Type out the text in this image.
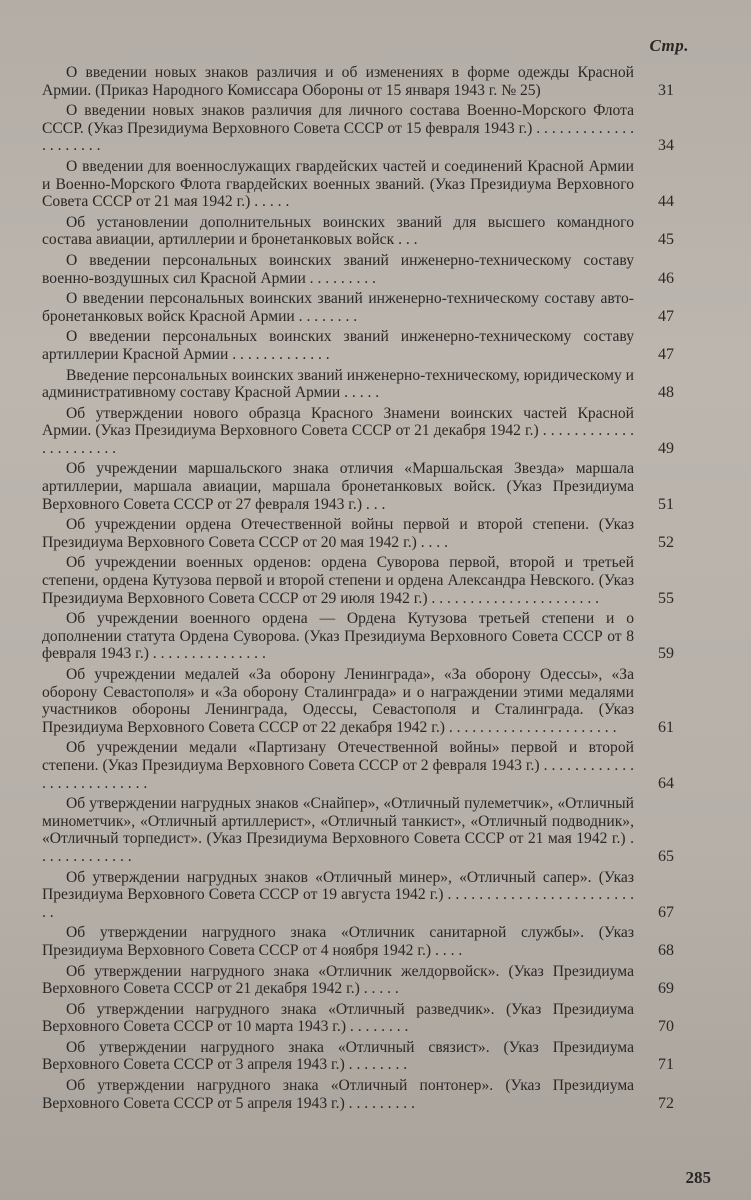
Стр.
О введении новых знаков различия и об изменениях в форме одежды Красной Армии. (Приказ Народного Комиссара Обороны от 15 января 1943 г. № 25)	31
О введении новых знаков различия для личного состава Военно-Морского Флота СССР. (Указ Президиума Верховного Совета СССР от 15 февраля 1943 г.) . . . . . . . . . . . . . . . . . . . . .	34
О введении для военнослужащих гвардейских частей и соединений Красной Армии и Военно-Морского Флота гвардейских военных званий. (Указ Президиума Верховного Совета СССР от 21 мая 1942 г.) . . . . .	44
Об установлении дополнительных воинских званий для высшего командного состава авиации, артиллерии и бронетанковых войск . . .	45
О введении персональных воинских званий инженерно-техническому составу военно-воздушных сил Красной Армии . . . . . . . . .	46
О введении персональных воинских званий инженерно-техническому составу авто-бронетанковых войск Красной Армии . . . . . . . .	47
О введении персональных воинских званий инженерно-техническому составу артиллерии Красной Армии . . . . . . . . . . . . .	47
Введение персональных воинских званий инженерно-техническому, юридическому и административному составу Красной Армии . . . . .	48
Об утверждении нового образца Красного Знамени воинских частей Красной Армии. (Указ Президиума Верховного Совета СССР от 21 декабря 1942 г.) . . . . . . . . . . . . . . . . . . . . . .	49
Об учреждении маршальского знака отличия «Маршальская Звезда» маршала артиллерии, маршала авиации, маршала бронетанковых войск. (Указ Президиума Верховного Совета СССР от 27 февраля 1943 г.) . . .	51
Об учреждении ордена Отечественной войны первой и второй степени. (Указ Президиума Верховного Совета СССР от 20 мая 1942 г.) . . . .	52
Об учреждении военных орденов: ордена Суворова первой, второй и третьей степени, ордена Кутузова первой и второй степени и ордена Александра Невского. (Указ Президиума Верховного Совета СССР от 29 июля 1942 г.) . . . . . . . . . . . . . . . . . . . . . .	55
Об учреждении военного ордена — Ордена Кутузова третьей степени и о дополнении статута Ордена Суворова. (Указ Президиума Верховного Совета СССР от 8 февраля 1943 г.) . . . . . . . . . . . . . . .	59
Об учреждении медалей «За оборону Ленинграда», «За оборону Одессы», «За оборону Севастополя» и «За оборону Сталинграда» и о награждении этими медалями участников обороны Ленинграда, Одессы, Севастополя и Сталинграда. (Указ Президиума Верховного Совета СССР от 22 декабря 1942 г.) . . . . . . . . . . . . . . . . . . . . . .	61
Об учреждении медали «Партизану Отечественной войны» первой и второй степени. (Указ Президиума Верховного Совета СССР от 2 февраля 1943 г.) . . . . . . . . . . . . . . . . . . . . . . . . . .	64
Об утверждении нагрудных знаков «Снайпер», «Отличный пулеметчик», «Отличный минометчик», «Отличный артиллерист», «Отличный танкист», «Отличный подводник», «Отличный торпедист». (Указ Президиума Верховного Совета СССР от 21 мая 1942 г.) . . . . . . . . . . . . .	65
Об утверждении нагрудных знаков «Отличный минер», «Отличный сапер». (Указ Президиума Верховного Совета СССР от 19 августа 1942 г.) . . . . . . . . . . . . . . . . . . . . . . . . . .	67
Об утверждении нагрудного знака «Отличник санитарной службы». (Указ Президиума Верховного Совета СССР от 4 ноября 1942 г.) . . . .	68
Об утверждении нагрудного знака «Отличник желдорвойск». (Указ Президиума Верховного Совета СССР от 21 декабря 1942 г.) . . . . .	69
Об утверждении нагрудного знака «Отличный разведчик». (Указ Президиума Верховного Совета СССР от 10 марта 1943 г.) . . . . . . . .	70
Об утверждении нагрудного знака «Отличный связист». (Указ Президиума Верховного Совета СССР от 3 апреля 1943 г.) . . . . . . . .	71
Об утверждении нагрудного знака «Отличный понтонер». (Указ Президиума Верховного Совета СССР от 5 апреля 1943 г.) . . . . . . . . .	72
285
